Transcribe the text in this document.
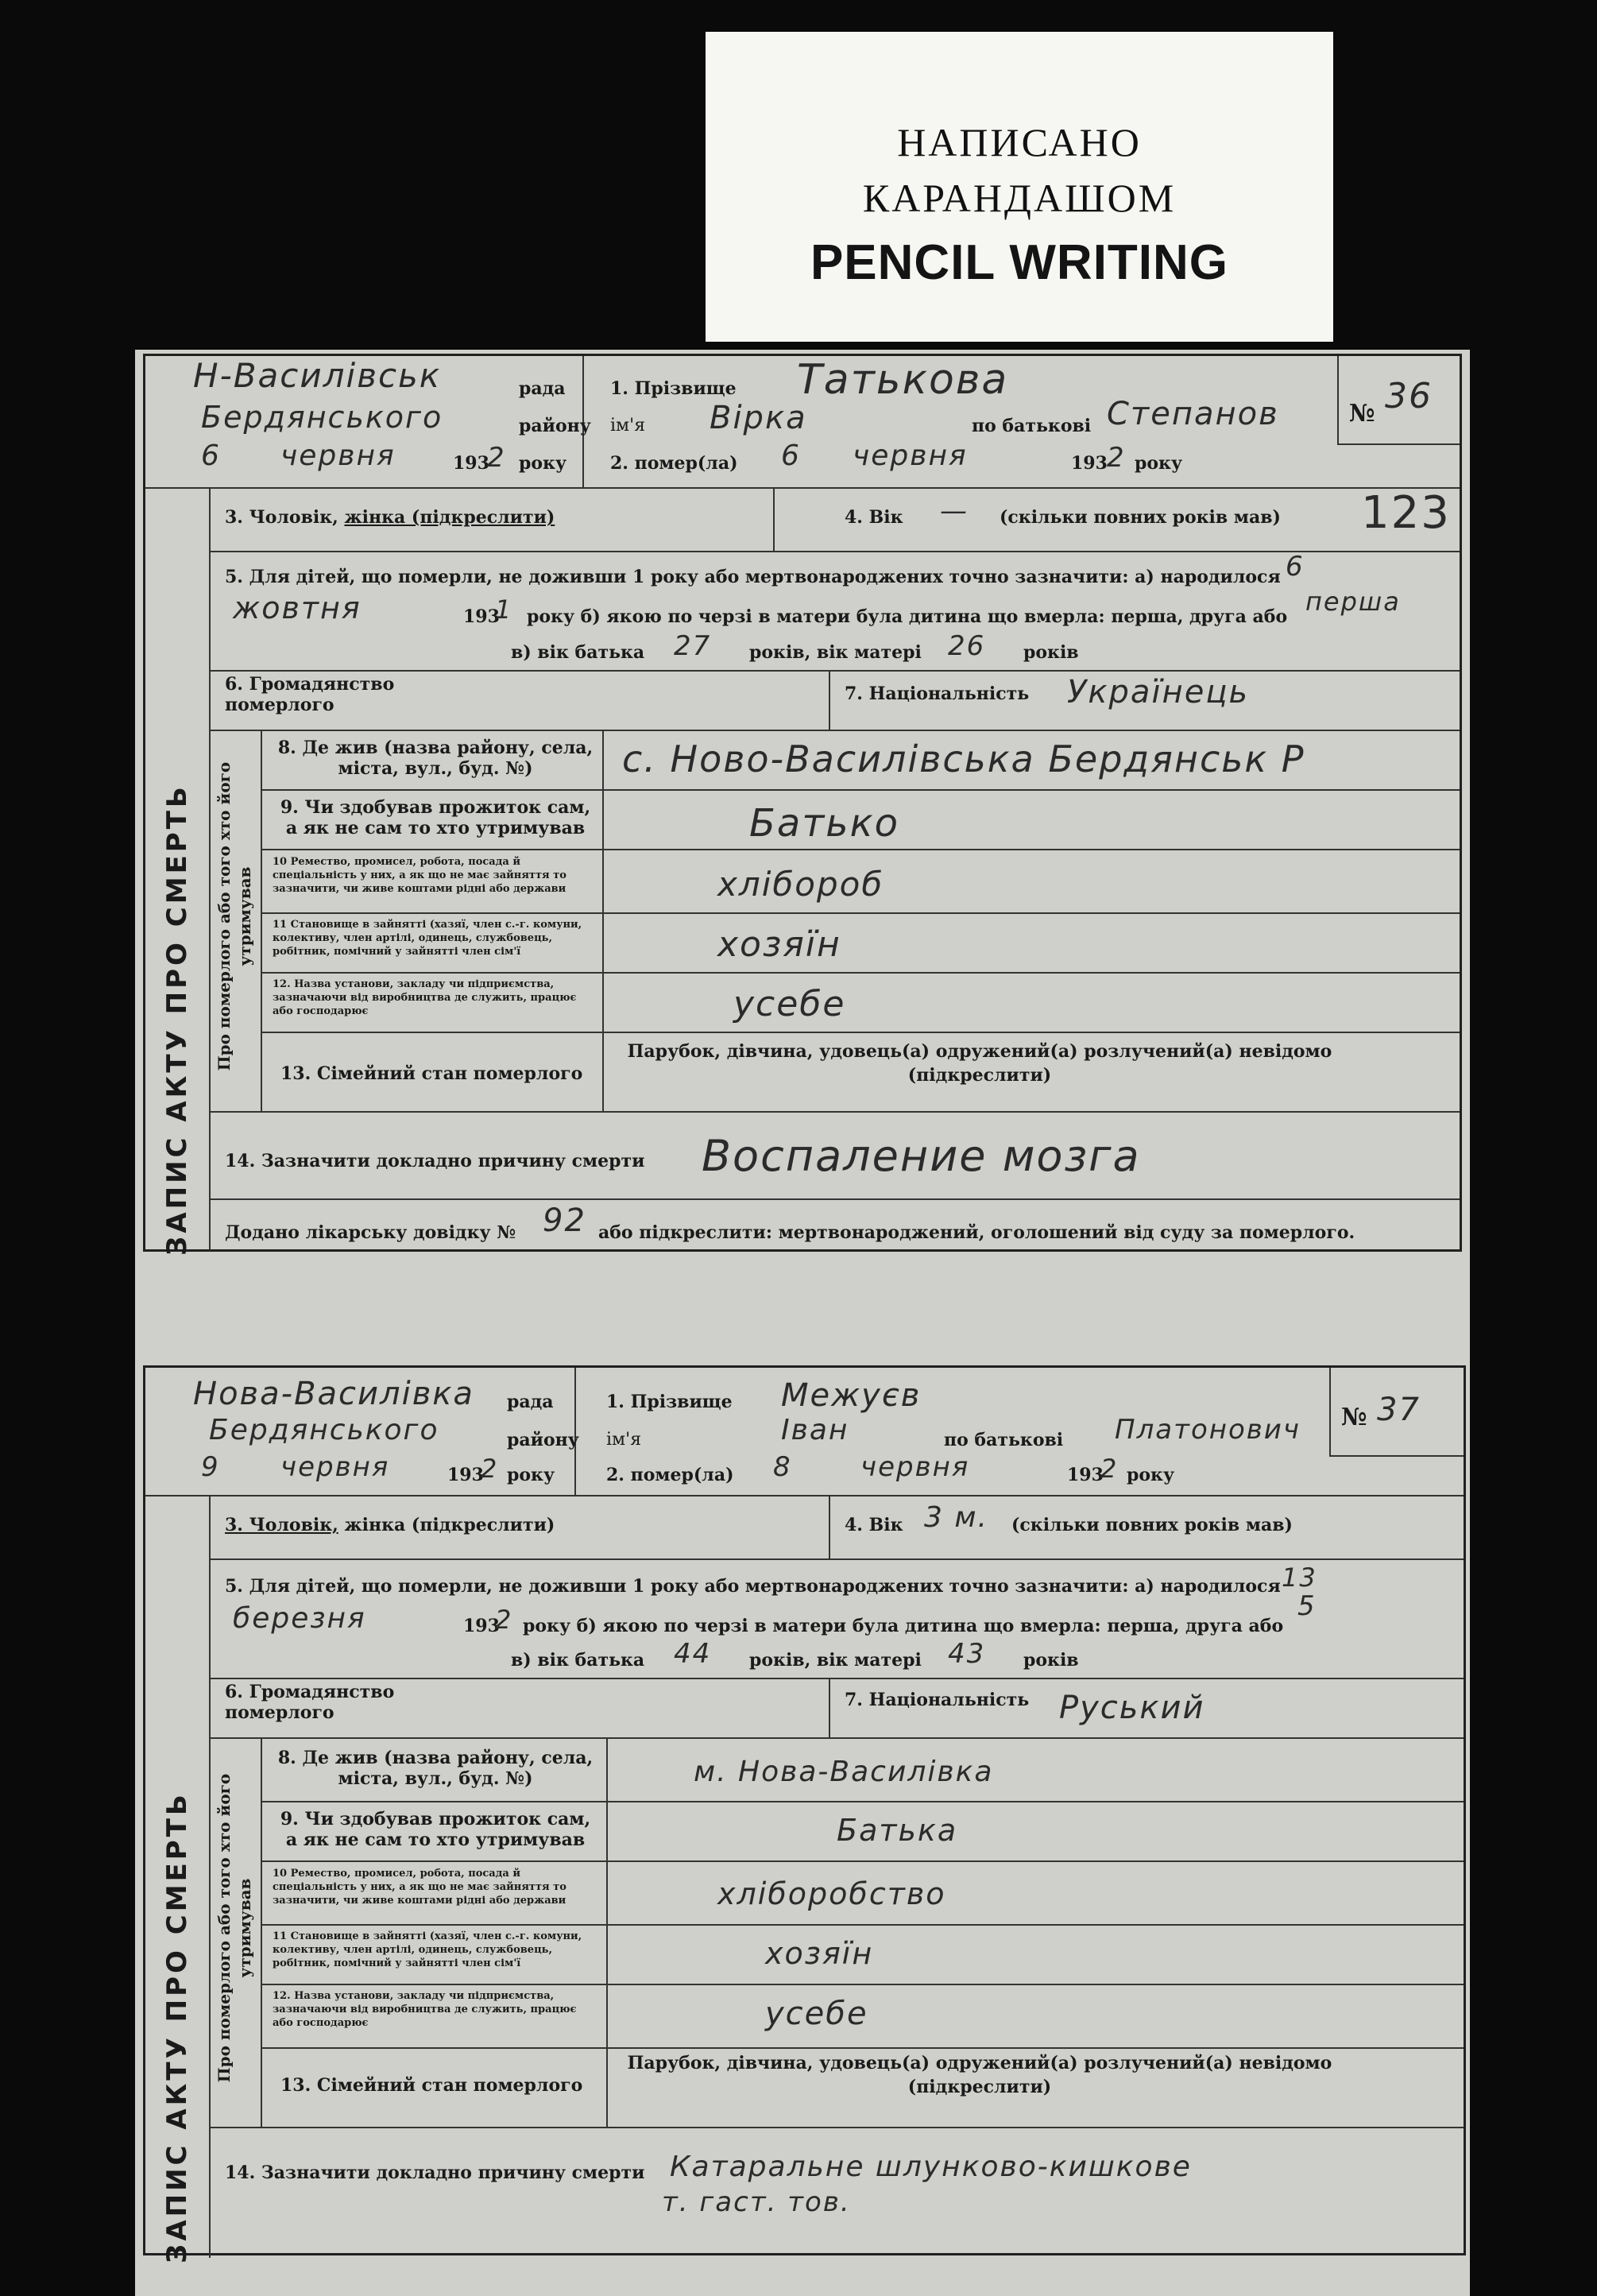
НАПИСАНО
КАРАНДАШОМ
PENCIL WRITING
ЗАПИС АКТУ ПРО СМЕРТЬ
Н-Василівськ	рада
Бердянського	району
6 червня	193
2 року
1. Прізвище Татькова
ім'я Вірка	по батькові Степанов
2. помер(ла) 6 червня	193 2 року
№ 36
3. Чоловік, жінка (підкреслити)	4. Вік — (скільки повних років мав) 123
5. Для дітей, що померли, не доживши 1 року або мертвонароджених точно зазначити: а) народилося 6
жовтня	193
1 року б) якою по черзі в матери була дитина що вмерла: перша, друга або перша
в) вік батька 27 років, вік матері 26 років
6. Громадянство померлого
7. Національність Українець
Про померлого або того хто його утримував
8. Де жив (назва району, села, міста, вул., буд. №)	с. Ново-Василівська Бердянськ Р
9. Чи здобував прожиток сам, а як не сам то хто утримував	Батько
10 Ремество, промисел, робота, посада й спеціальність у них, а як що не має зайняття то зазначити, чи живе коштами рідні або держави	хлібороб
11 Становище в зайнятті (хазяї, член с.-г. комуни, колективу, член артілі, одинець, службовець, робітник, помічний у зайнятті член сім'ї	хозяїн
12. Назва установи, закладу чи підприємства, зазначаючи від виробництва де служить, працює або господарює	усебе
13. Сімейний стан померлого
Парубок, дівчина, удовець(а) одружений(а) розлучений(а) невідомо (підкреслити)
14. Зазначити докладно причину смерти Воспаление мозга
Додано лікарську довідку № 92 або підкреслити: мертвонароджений, оголошений від суду за померлого.
ЗАПИС АКТУ ПРО СМЕРТЬ
Нова-Василівка рада
Бердянського	району
9 червня	193
2 року
1. Прізвище Межуєв
ім'я	Іван	по батькові Платонович
2. помер(ла) 8	червня	193
2 року
№ 37
3. Чоловік, жінка (підкреслити)	4. Вік 3 м. (скільки повних років мав)
5. Для дітей, що померли, не доживши 1 року або мертвонароджених точно зазначити: а) народилося 13
березня	193
2 року б) якою по черзі в матери була дитина що вмерла: перша, друга або
5
в) вік батька 44 років, вік матері 43 років
6. Громадянство померлого
7. Національність Руський
Про померлого або того хто його утримував
8. Де жив (назва району, села, міста, вул., буд. №)	м. Нова-Василівка
9. Чи здобував прожиток сам, а як не сам то хто утримував	Батька
10 Ремество, промисел, робота, посада й спеціальність у них, а як що не має зайняття то зазначити, чи живе коштами рідні або держави	хліборобство
11 Становище в зайнятті (хазяї, член с.-г. комуни, колективу, член артілі, одинець, службовець, робітник, помічний у зайнятті член сім'ї	хозяїн
12. Назва установи, закладу чи підприємства, зазначаючи від виробництва де служить, працює або господарює	усебе
13. Сімейний стан померлого
Парубок, дівчина, удовець(а) одружений(а) розлучений(а) невідомо (підкреслити)
14. Зазначити докладно причину смерти Катаральне шлунково-кишкове
т. гаст. тов.
